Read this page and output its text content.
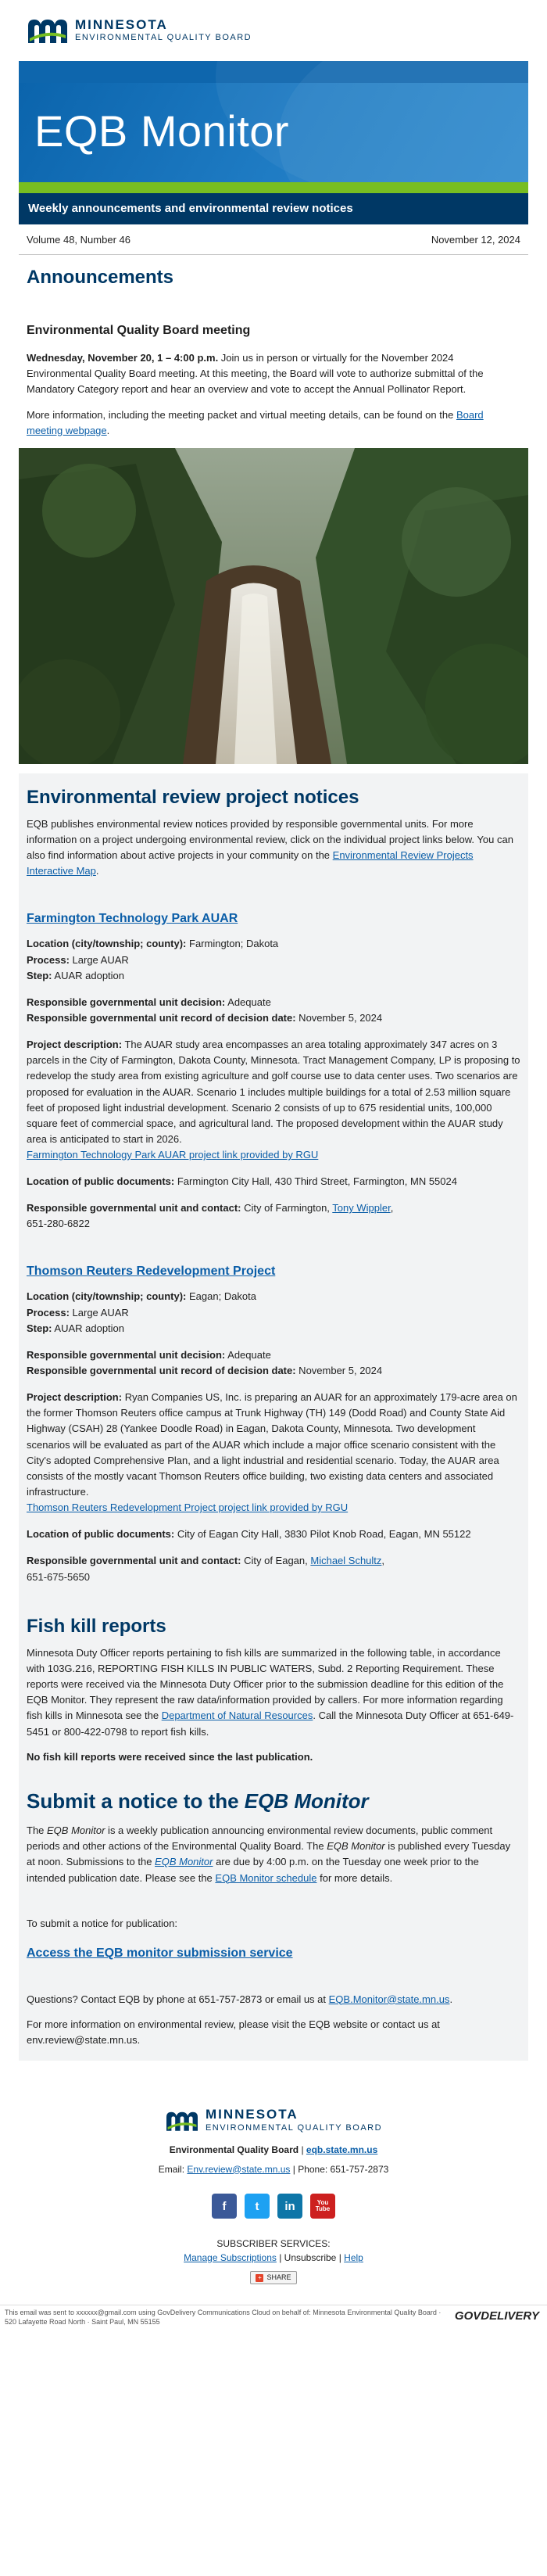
MINNESOTA
ENVIRONMENTAL QUALITY BOARD
EQB Monitor
Weekly announcements and environmental review notices
Volume 48, Number 46	November 12, 2024
Announcements
Environmental Quality Board meeting

Wednesday, November 20, 1 – 4:00 p.m. Join us in person or virtually for the November 2024 Environmental Quality Board meeting. At this meeting, the Board will vote to authorize submittal of the Mandatory Category report and hear an overview and vote to accept the Annual Pollinator Report.

More information, including the meeting packet and virtual meeting details, can be found on the Board meeting webpage.

Environmental review project notices

EQB publishes environmental review notices provided by responsible governmental units. For more information on a project undergoing environmental review, click on the individual project links below. You can also find information about active projects in your community on the Environmental Review Projects Interactive Map.

Farmington Technology Park AUAR
Location (city/township; county): Farmington; Dakota
Process: Large AUAR
Step: AUAR adoption
Responsible governmental unit decision: Adequate
Responsible governmental unit record of decision date: November 5, 2024
Project description: The AUAR study area encompasses an area totaling approximately 347 acres on 3 parcels in the City of Farmington, Dakota County, Minnesota. Tract Management Company, LP is proposing to redevelop the study area from existing agriculture and golf course use to data center uses. Two scenarios are proposed for evaluation in the AUAR. Scenario 1 includes multiple buildings for a total of 2.53 million square feet of proposed light industrial development. Scenario 2 consists of up to 675 residential units, 100,000 square feet of commercial space, and agricultural land. The proposed development within the AUAR study area is anticipated to start in 2026.
Farmington Technology Park AUAR project link provided by RGU
Location of public documents: Farmington City Hall, 430 Third Street, Farmington, MN 55024
Responsible governmental unit and contact: City of Farmington, Tony Wippler,
651-280-6822
Thomson Reuters Redevelopment Project
Location (city/township; county): Eagan; Dakota
Process: Large AUAR
Step: AUAR adoption
Responsible governmental unit decision: Adequate
Responsible governmental unit record of decision date: November 5, 2024
Project description: Ryan Companies US, Inc. is preparing an AUAR for an approximately 179-acre area on the former Thomson Reuters office campus at Trunk Highway (TH) 149 (Dodd Road) and County State Aid Highway (CSAH) 28 (Yankee Doodle Road) in Eagan, Dakota County, Minnesota. Two development scenarios will be evaluated as part of the AUAR which include a major office scenario consistent with the City's adopted Comprehensive Plan, and a light industrial and residential scenario. Today, the AUAR area consists of the mostly vacant Thomson Reuters office building, two existing data centers and associated infrastructure.
Thomson Reuters Redevelopment Project project link provided by RGU
Location of public documents: City of Eagan City Hall, 3830 Pilot Knob Road, Eagan, MN 55122
Responsible governmental unit and contact: City of Eagan, Michael Schultz,
651-675-5650
Fish kill reports

Minnesota Duty Officer reports pertaining to fish kills are summarized in the following table, in accordance with 103G.216, REPORTING FISH KILLS IN PUBLIC WATERS, Subd. 2 Reporting Requirement. These reports were received via the Minnesota Duty Officer prior to the submission deadline for this edition of the EQB Monitor. They represent the raw data/information provided by callers. For more information regarding fish kills in Minnesota see the Department of Natural Resources. Call the Minnesota Duty Officer at 651-649-5451 or 800-422-0798 to report fish kills.

No fish kill reports were received since the last publication.

Submit a notice to the EQB Monitor

The EQB Monitor is a weekly publication announcing environmental review documents, public comment periods and other actions of the Environmental Quality Board. The EQB Monitor is published every Tuesday at noon. Submissions to the EQB Monitor are due by 4:00 p.m. on the Tuesday one week prior to the intended publication date. Please see the EQB Monitor schedule for more details.

To submit a notice for publication:

Access the EQB monitor submission service

Questions? Contact EQB by phone at 651-757-2873 or email us at EQB.Monitor@state.mn.us.

For more information on environmental review, please visit the EQB website or contact us at env.review@state.mn.us.

MINNESOTA
ENVIRONMENTAL QUALITY BOARD
Environmental Quality Board | eqb.state.mn.us
Email: Env.review@state.mn.us | Phone: 651-757-2873
f	t	in	You Tube
SUBSCRIBER SERVICES:
Manage Subscriptions | Unsubscribe | Help
+ SHARE
This email was sent to xxxxxx@gmail.com using GovDelivery Communications Cloud on behalf of: Minnesota Environmental Quality Board · 520 Lafayette Road North · Saint Paul, MN 55155	GOVDELIVERY
